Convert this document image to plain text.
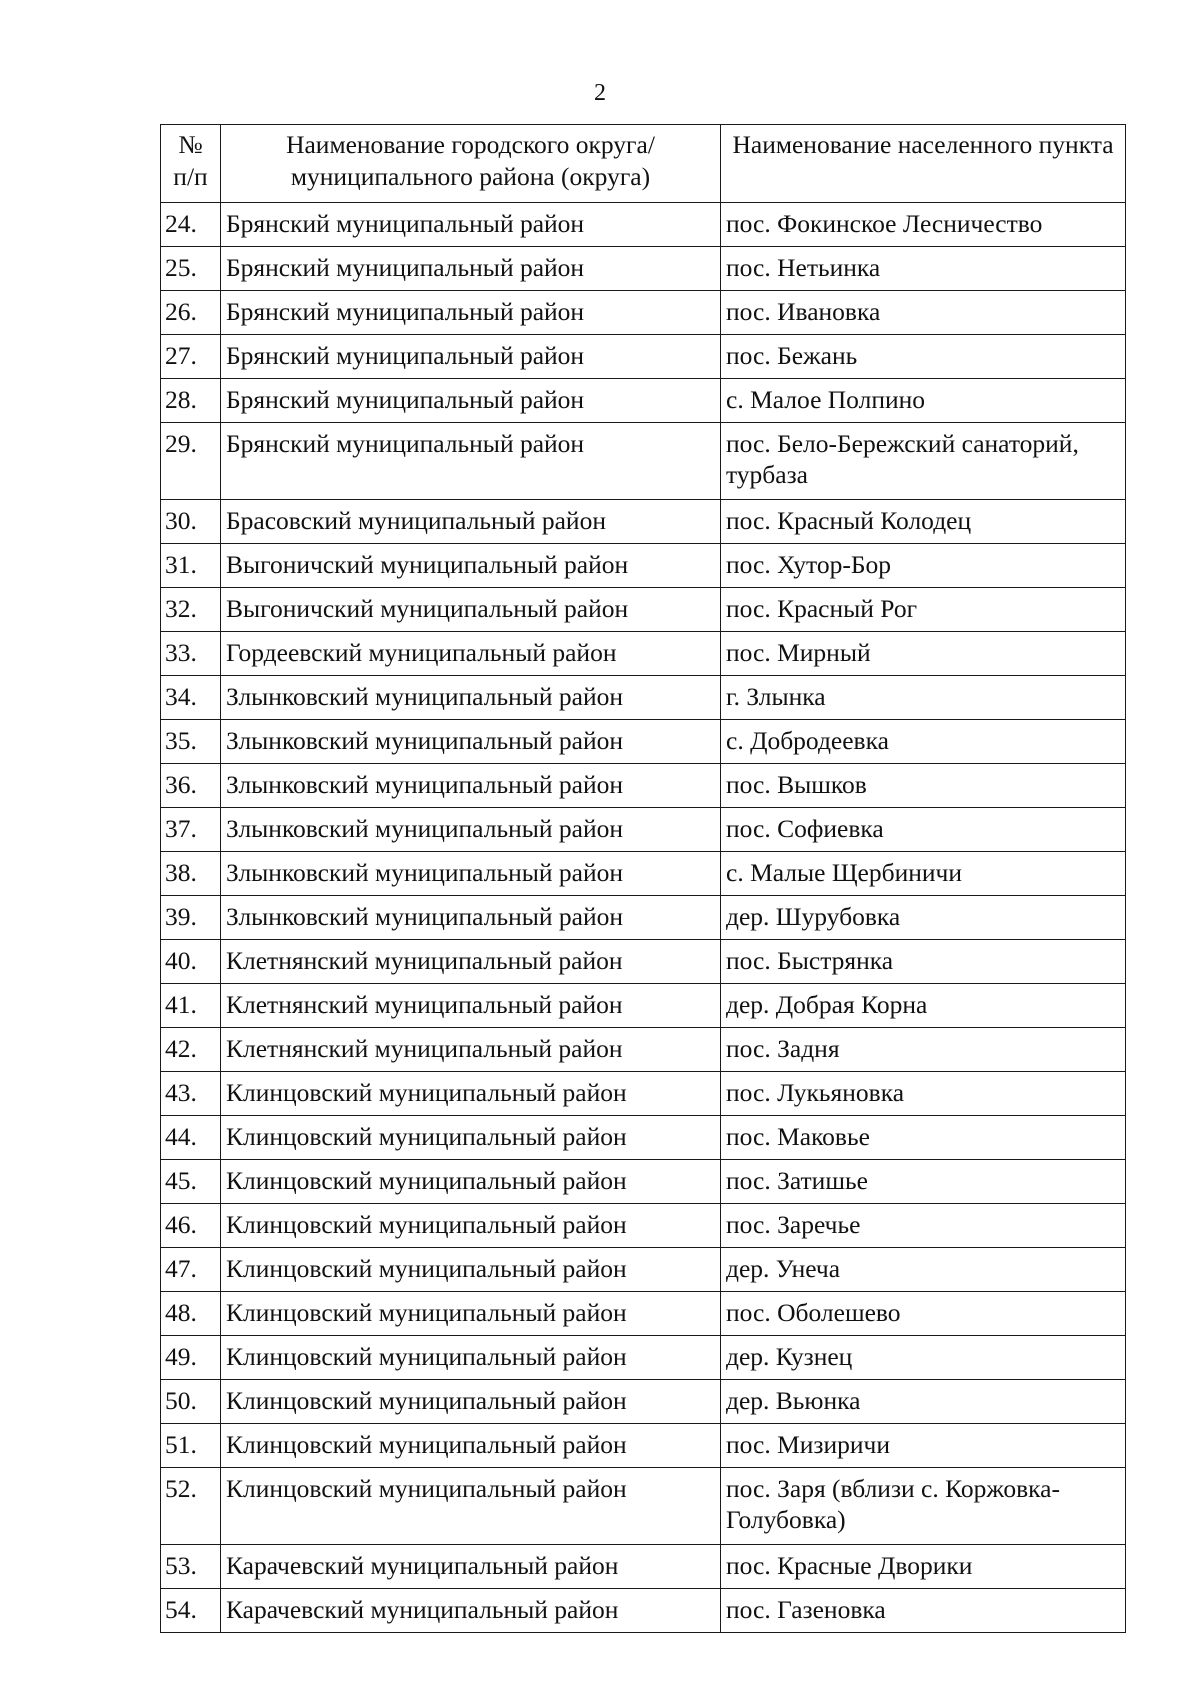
2
№ п/п	Наименование городского округа/ муниципального района (округа)	Наименование населенного пункта
24.	Брянский муниципальный район	пос. Фокинское Лесничество
25.	Брянский муниципальный район	пос. Нетьинка
26.	Брянский муниципальный район	пос. Ивановка
27.	Брянский муниципальный район	пос. Бежань
28.	Брянский муниципальный район	с. Малое Полпино
29.	Брянский муниципальный район	пос. Бело-Бережский санаторий, турбаза
30.	Брасовский муниципальный район	пос. Красный Колодец
31.	Выгоничский муниципальный район	пос. Хутор-Бор
32.	Выгоничский муниципальный район	пос. Красный Рог
33.	Гордеевский муниципальный район	пос. Мирный
34.	Злынковский муниципальный район	г. Злынка
35.	Злынковский муниципальный район	с. Добродеевка
36.	Злынковский муниципальный район	пос. Вышков
37.	Злынковский муниципальный район	пос. Софиевка
38.	Злынковский муниципальный район	с. Малые Щербиничи
39.	Злынковский муниципальный район	дер. Шурубовка
40.	Клетнянский муниципальный район	пос. Быстрянка
41.	Клетнянский муниципальный район	дер. Добрая Корна
42.	Клетнянский муниципальный район	пос. Задня
43.	Клинцовский муниципальный район	пос. Лукьяновка
44.	Клинцовский муниципальный район	пос. Маковье
45.	Клинцовский муниципальный район	пос. Затишье
46.	Клинцовский муниципальный район	пос. Заречье
47.	Клинцовский муниципальный район	дер. Унеча
48.	Клинцовский муниципальный район	пос. Оболешево
49.	Клинцовский муниципальный район	дер. Кузнец
50.	Клинцовский муниципальный район	дер. Вьюнка
51.	Клинцовский муниципальный район	пос. Мизиричи
52.	Клинцовский муниципальный район	пос. Заря (вблизи с. Коржовка-Голубовка)
53.	Карачевский муниципальный район	пос. Красные Дворики
54.	Карачевский муниципальный район	пос. Газеновка
